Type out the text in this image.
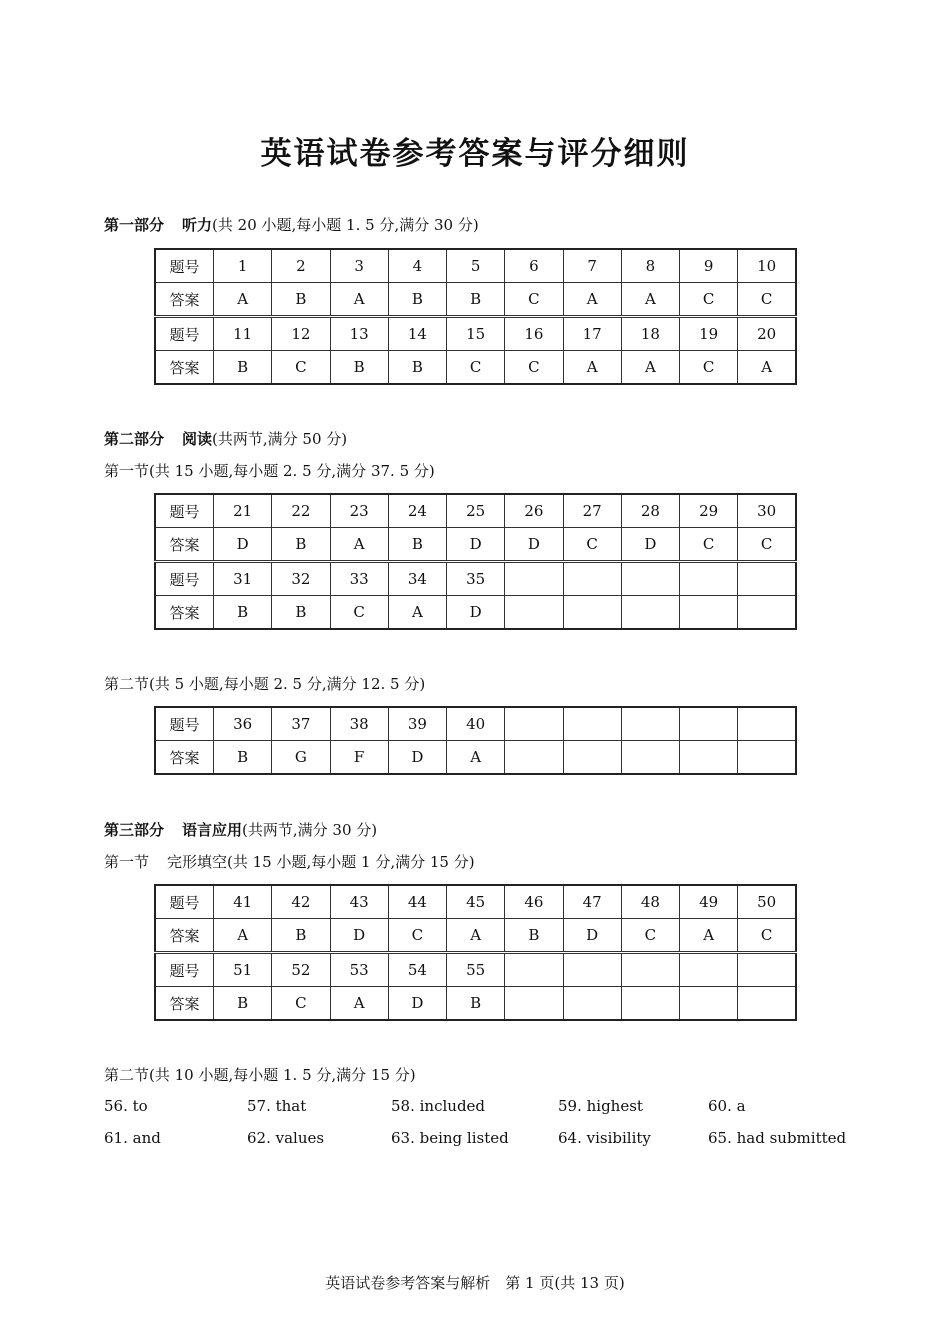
英语试卷参考答案与评分细则
第一部分 听力(共 20 小题,每小题 1. 5 分,满分 30 分)
题号	1	2	3	4	5	6	7	8	9	10
答案	A	B	A	B	B	C	A	A	C	C
题号	11	12	13	14	15	16	17	18	19	20
答案	B	C	B	B	C	C	A	A	C	A
第二部分 阅读(共两节,满分 50 分)
第一节(共 15 小题,每小题 2. 5 分,满分 37. 5 分)
题号	21	22	23	24	25	26	27	28	29	30
答案	D	B	A	B	D	D	C	D	C	C
题号	31	32	33	34	35					
答案	B	B	C	A	D					
第二节(共 5 小题,每小题 2. 5 分,满分 12. 5 分)
题号	36	37	38	39	40					
答案	B	G	F	D	A					
第三部分 语言应用(共两节,满分 30 分)
第一节 完形填空(共 15 小题,每小题 1 分,满分 15 分)
题号	41	42	43	44	45	46	47	48	49	50
答案	A	B	D	C	A	B	D	C	A	C
题号	51	52	53	54	55					
答案	B	C	A	D	B					
第二节(共 10 小题,每小题 1. 5 分,满分 15 分)
56. to	57. that	58. included	59. highest	60. a
61. and	62. values	63. being listed	64. visibility	65. had submitted
英语试卷参考答案与解析　第 1 页(共 13 页)
